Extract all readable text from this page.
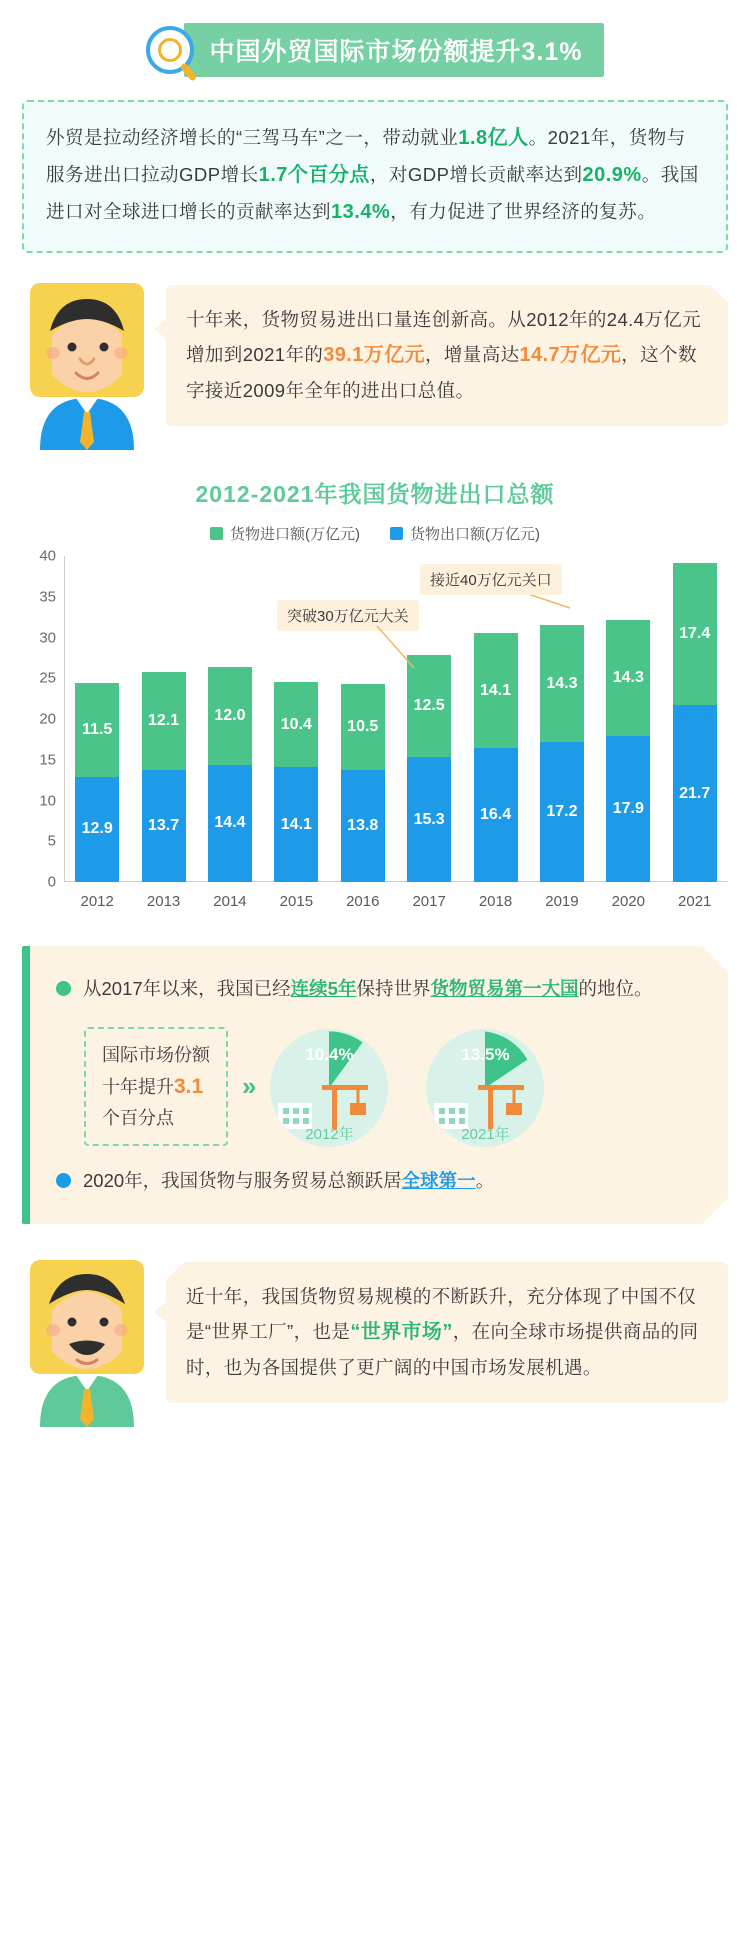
中国外贸国际市场份额提升3.1%
外贸是拉动经济增长的“三驾马车”之一，带动就业1.8亿人。2021年，货物与服务进出口拉动GDP增长1.7个百分点，对GDP增长贡献率达到20.9%。我国进口对全球进口增长的贡献率达到13.4%，有力促进了世界经济的复苏。
十年来，货物贸易进出口量连创新高。从2012年的24.4万亿元增加到2021年的39.1万亿元，增量高达14.7万亿元，这个数字接近2009年全年的进出口总值。
2012-2021年我国货物进出口总额
货物进口额(万亿元)	货物出口额(万亿元)
0
5
10
15
20
25
30
35
40
11.5
12.9
12.1
13.7
12.0
14.4
10.4
14.1
10.5
13.8
12.5
15.3
14.1
16.4
14.3
17.2
14.3
17.9
17.4
21.7
2012	2013	2014	2015	2016	2017	2018	2019	2020	2021
突破30万亿元大关
接近40万亿元关口
从2017年以来，我国已经连续5年保持世界货物贸易第一大国的地位。
国际市场份额
十年提升3.1
个百分点
»
10.4%
2012年
13.5%
2021年
2020年，我国货物与服务贸易总额跃居全球第一。
近十年，我国货物贸易规模的不断跃升，充分体现了中国不仅是“世界工厂”，也是“世界市场”，在向全球市场提供商品的同时，也为各国提供了更广阔的中国市场发展机遇。
